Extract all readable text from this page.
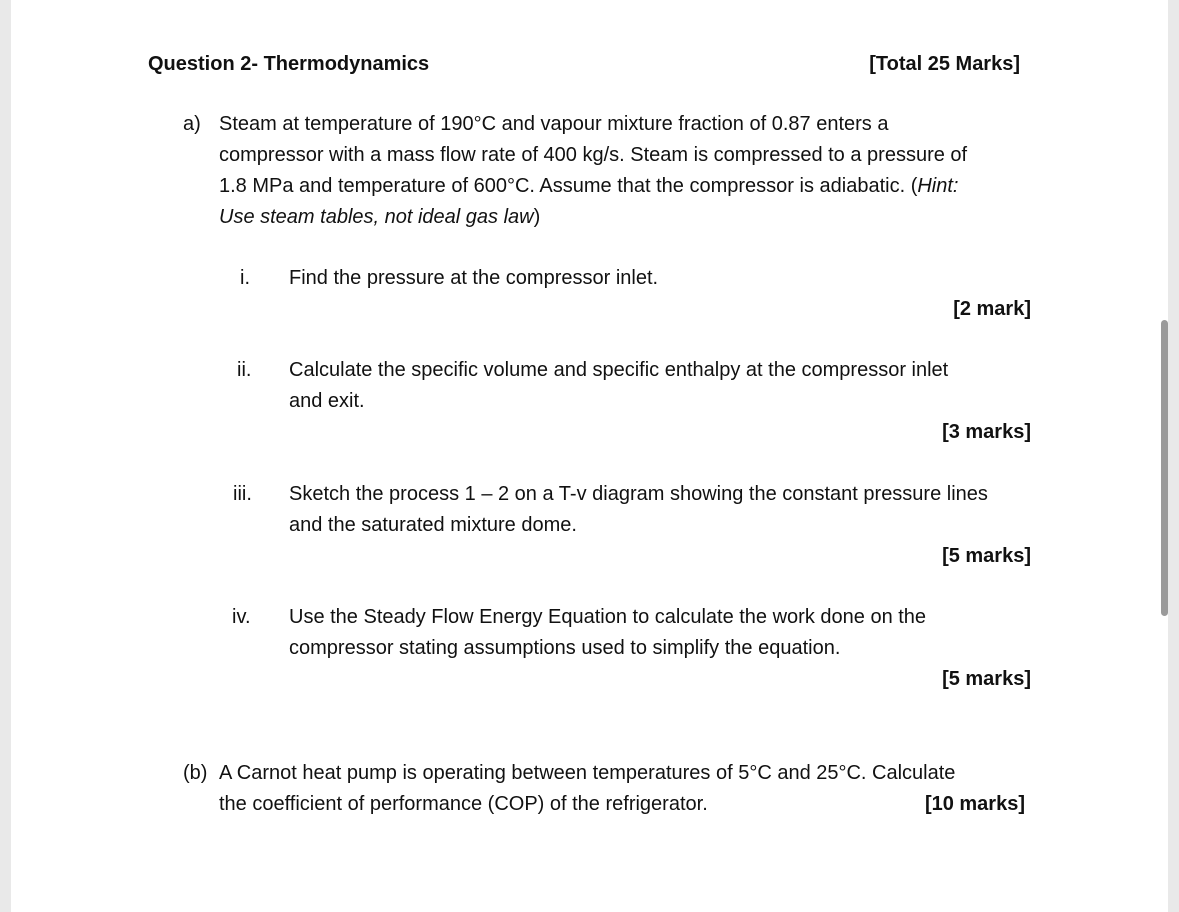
Question 2- Thermodynamics	[Total 25 Marks]
a) Steam at temperature of 190°C and vapour mixture fraction of 0.87 enters a
compressor with a mass flow rate of 400 kg/s. Steam is compressed to a pressure of
1.8 MPa and temperature of 600°C. Assume that the compressor is adiabatic. (Hint:
Use steam tables, not ideal gas law)
i. Find the pressure at the compressor inlet.
[2 mark]
ii. Calculate the specific volume and specific enthalpy at the compressor inlet
and exit.
[3 marks]
iii. Sketch the process 1 – 2 on a T-v diagram showing the constant pressure lines
and the saturated mixture dome.
[5 marks]
iv. Use the Steady Flow Energy Equation to calculate the work done on the
compressor stating assumptions used to simplify the equation.
[5 marks]
(b) A Carnot heat pump is operating between temperatures of 5°C and 25°C. Calculate
the coefficient of performance (COP) of the refrigerator.	[10 marks]
